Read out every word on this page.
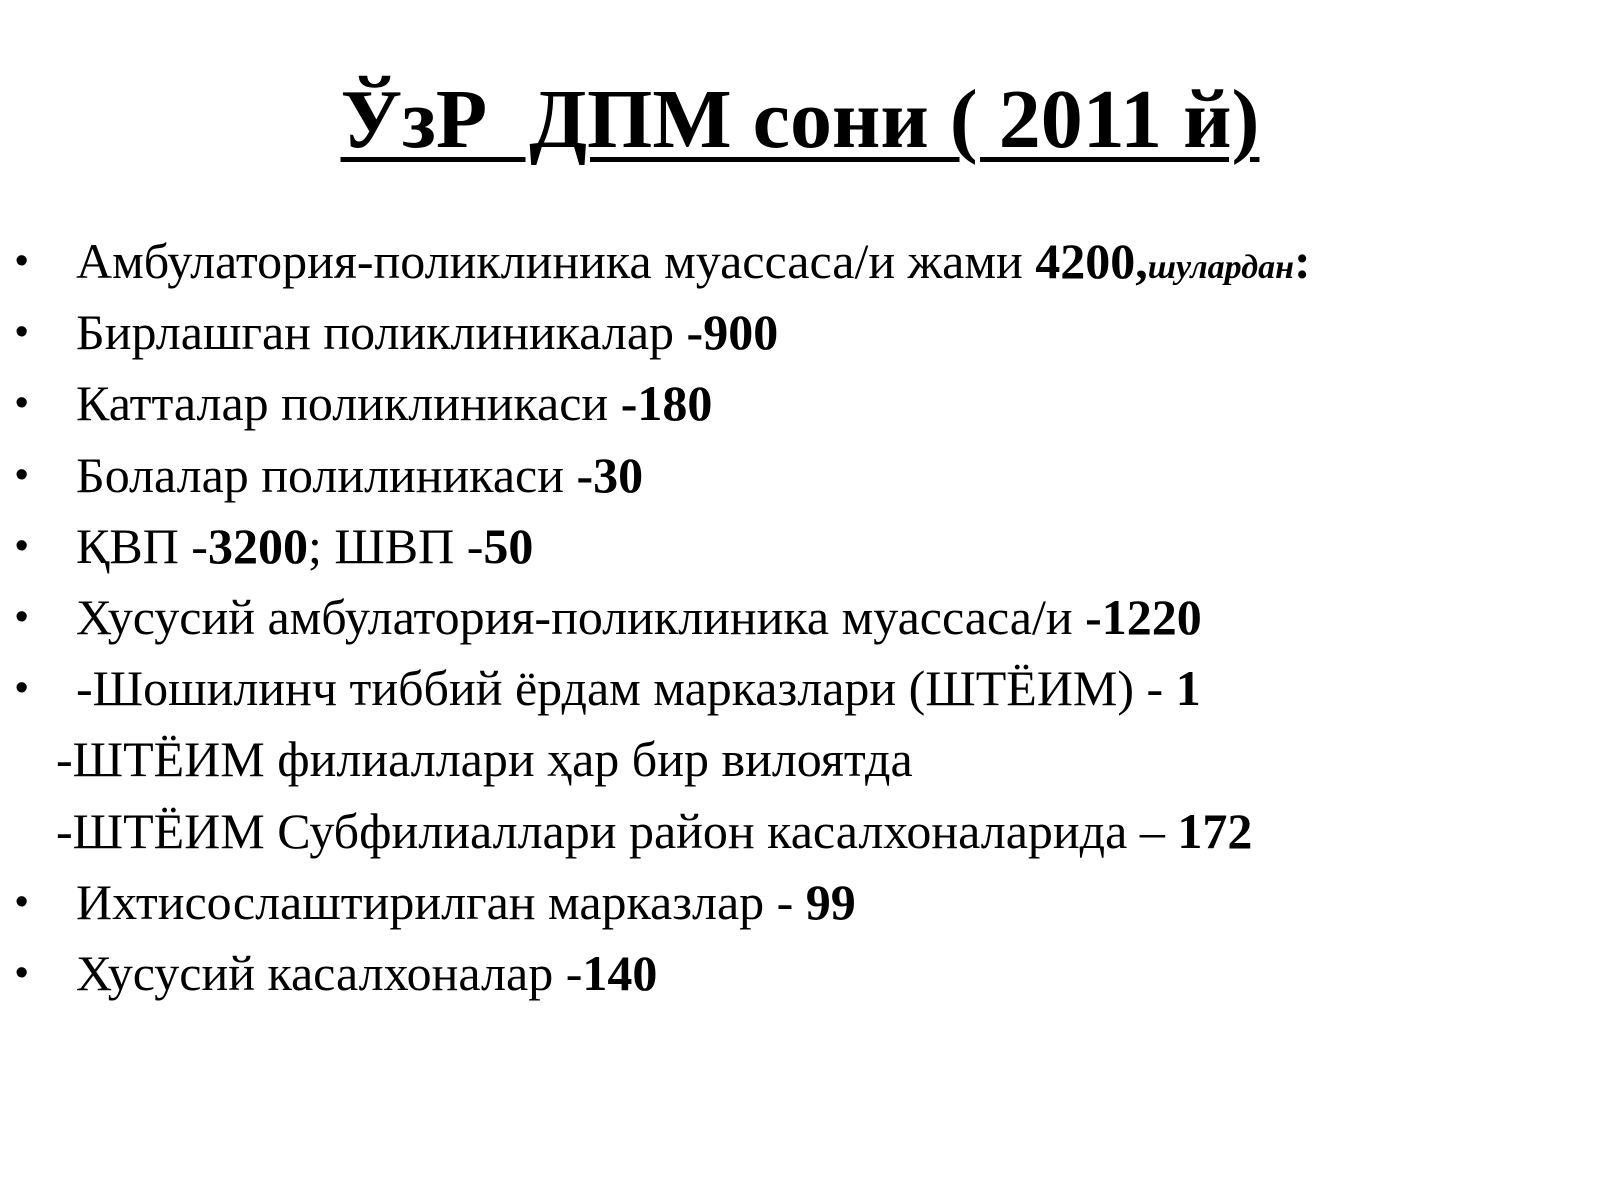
ЎзР  ДПМ сони ( 2011 й)
• Амбулатория-поликлиника муассаса/и жами 4200,шулардан:
• Бирлашган поликлиникалар -900
• Катталар поликлиникаси -180
• Болалар полилиникаси -30
• ҚВП -3200; ШВП -50
• Хусусий амбулатория-поликлиника муассаса/и -1220
• -Шошилинч тиббий ёрдам марказлари (ШТЁИМ) - 1
-ШТЁИМ филиаллари ҳар бир вилоятда
-ШТЁИМ Субфилиаллари район касалхоналарида – 172
• Ихтисослаштирилган марказлар - 99
• Хусусий касалхоналар -140
